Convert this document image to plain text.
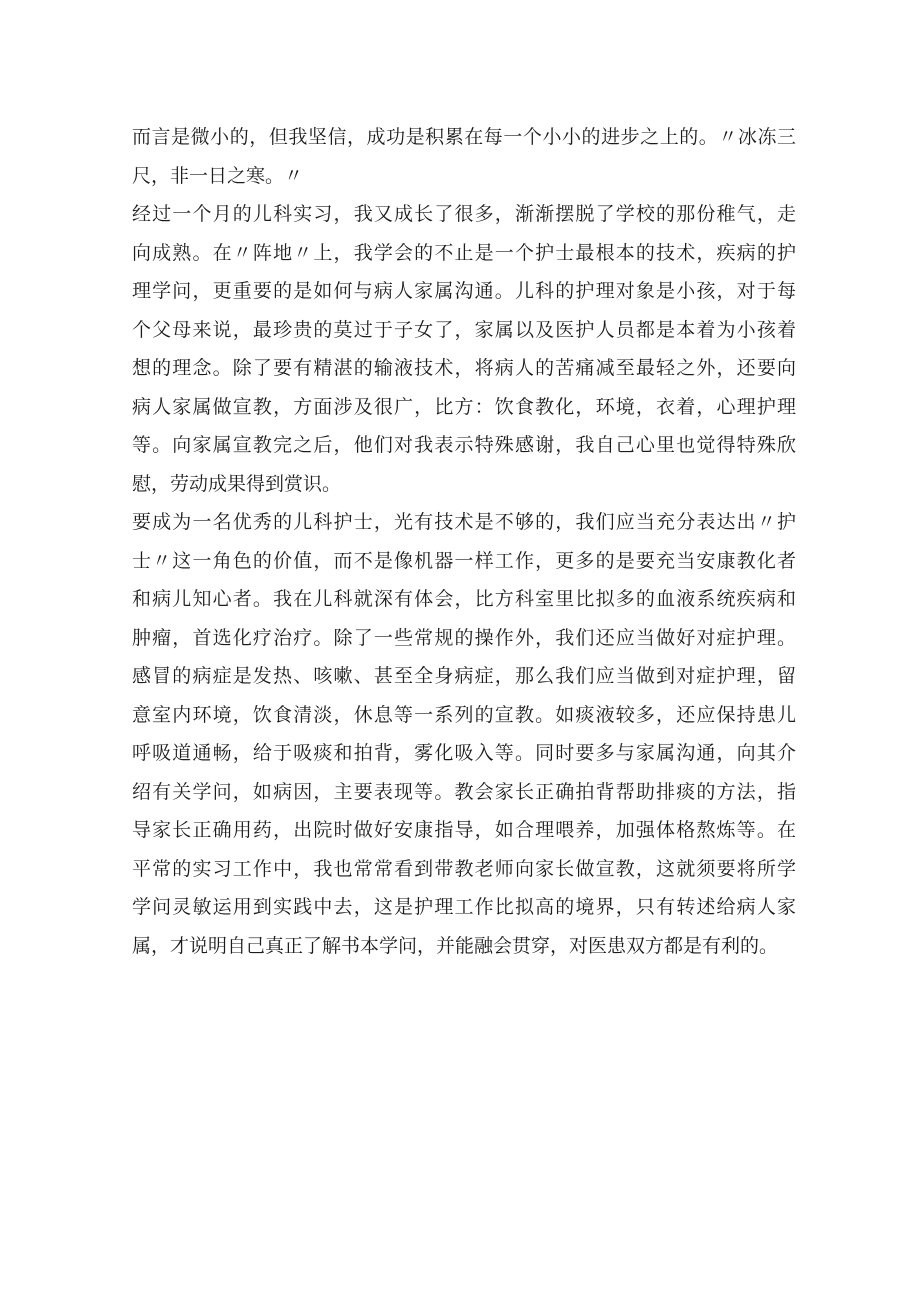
而言是微小的，但我坚信，成功是积累在每一个小小的进步之上的。〃冰冻三
尺，非一日之寒。〃
经过一个月的儿科实习，我又成长了很多，渐渐摆脱了学校的那份稚气，走
向成熟。在〃阵地〃上，我学会的不止是一个护士最根本的技术，疾病的护
理学问，更重要的是如何与病人家属沟通。儿科的护理对象是小孩，对于每
个父母来说，最珍贵的莫过于子女了，家属以及医护人员都是本着为小孩着
想的理念。除了要有精湛的输液技术，将病人的苦痛减至最轻之外，还要向
病人家属做宣教，方面涉及很广，比方：饮食教化，环境，衣着，心理护理
等。向家属宣教完之后，他们对我表示特殊感谢，我自己心里也觉得特殊欣
慰，劳动成果得到赏识。
要成为一名优秀的儿科护士，光有技术是不够的，我们应当充分表达出〃护
士〃这一角色的价值，而不是像机器一样工作，更多的是要充当安康教化者
和病儿知心者。我在儿科就深有体会，比方科室里比拟多的血液系统疾病和
肿瘤，首选化疗治疗。除了一些常规的操作外，我们还应当做好对症护理。
感冒的病症是发热、咳嗽、甚至全身病症，那么我们应当做到对症护理，留
意室内环境，饮食清淡，休息等一系列的宣教。如痰液较多，还应保持患儿
呼吸道通畅，给于吸痰和拍背，雾化吸入等。同时要多与家属沟通，向其介
绍有关学问，如病因，主要表现等。教会家长正确拍背帮助排痰的方法，指
导家长正确用药，出院时做好安康指导，如合理喂养，加强体格熬炼等。在
平常的实习工作中，我也常常看到带教老师向家长做宣教，这就须要将所学
学问灵敏运用到实践中去，这是护理工作比拟高的境界，只有转述给病人家
属，才说明自己真正了解书本学问，并能融会贯穿，对医患双方都是有利的。
